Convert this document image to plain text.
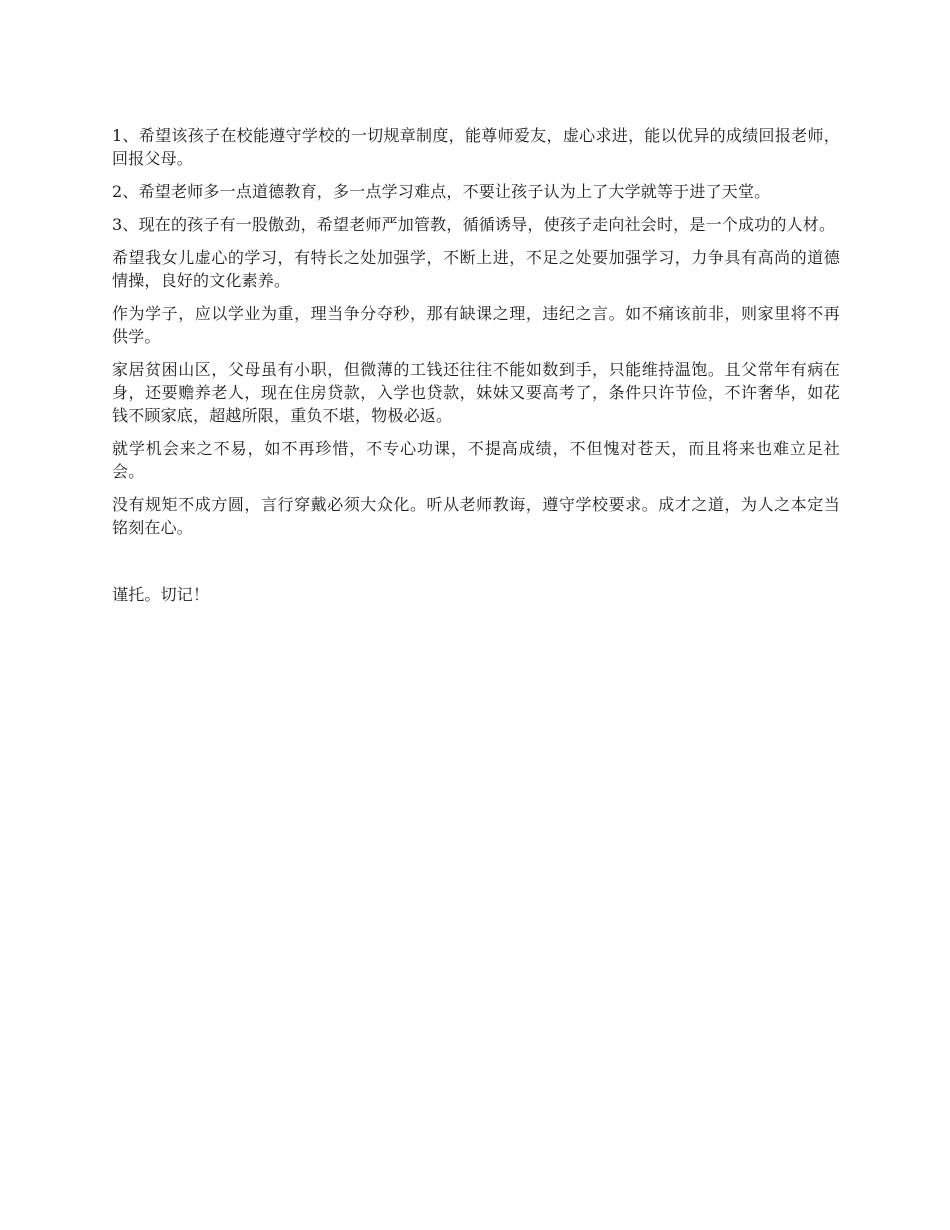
1、希望该孩子在校能遵守学校的一切规章制度，能尊师爱友，虚心求进，能以优异的成绩回报老师，回报父母。

2、希望老师多一点道德教育，多一点学习难点，不要让孩子认为上了大学就等于进了天堂。

3、现在的孩子有一股傲劲，希望老师严加管教，循循诱导，使孩子走向社会时，是一个成功的人材。

希望我女儿虚心的学习，有特长之处加强学，不断上进，不足之处要加强学习，力争具有高尚的道德情操，良好的文化素养。

作为学子，应以学业为重，理当争分夺秒，那有缺课之理，违纪之言。如不痛该前非，则家里将不再供学。

家居贫困山区，父母虽有小职，但微薄的工钱还往往不能如数到手，只能维持温饱。且父常年有病在身，还要赡养老人，现在住房贷款，入学也贷款，妹妹又要高考了，条件只许节俭，不许奢华，如花钱不顾家底，超越所限，重负不堪，物极必返。

就学机会来之不易，如不再珍惜，不专心功课，不提高成绩，不但愧对苍天，而且将来也难立足社会。

没有规矩不成方圆，言行穿戴必须大众化。听从老师教诲，遵守学校要求。成才之道，为人之本定当铭刻在心。

谨托。切记！
